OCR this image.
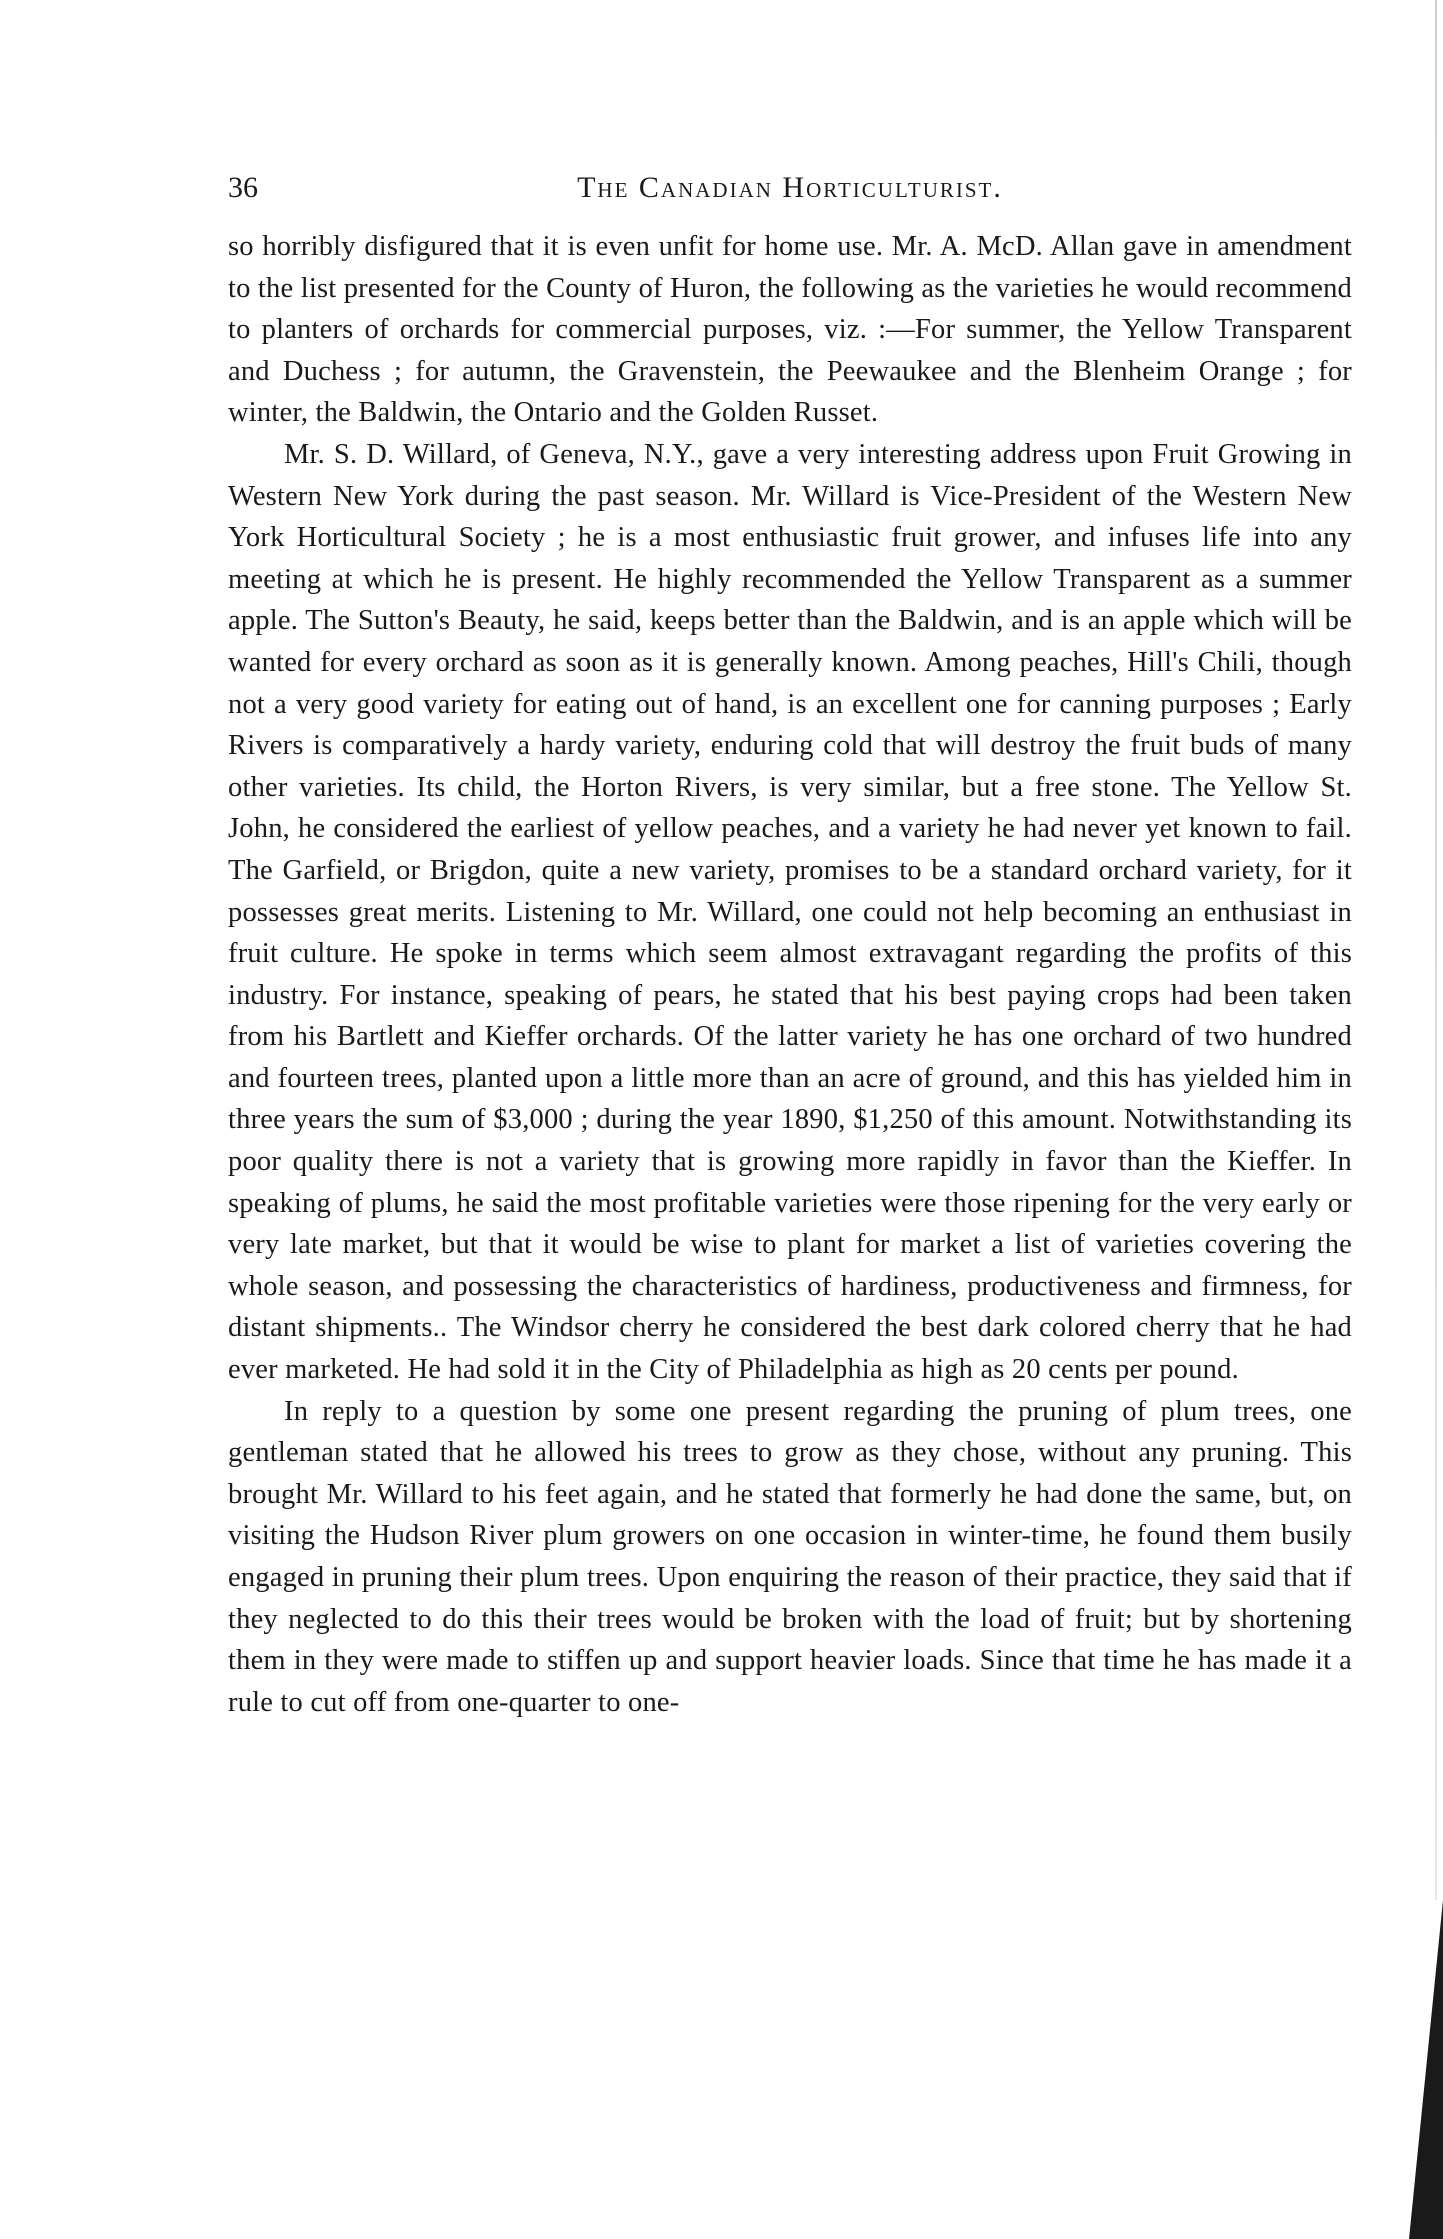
36	The Canadian Horticulturist.

so horribly disfigured that it is even unfit for home use. Mr. A. McD. Allan gave in amendment to the list presented for the County of Huron, the following as the varieties he would recommend to planters of orchards for commercial purposes, viz. :—For summer, the Yellow Transparent and Duchess ; for autumn, the Gravenstein, the Peewaukee and the Blenheim Orange ; for winter, the Baldwin, the Ontario and the Golden Russet.

Mr. S. D. Willard, of Geneva, N.Y., gave a very interesting address upon Fruit Growing in Western New York during the past season. Mr. Willard is Vice-President of the Western New York Horticultural Society ; he is a most enthusiastic fruit grower, and infuses life into any meeting at which he is present. He highly recommended the Yellow Transparent as a summer apple. The Sutton's Beauty, he said, keeps better than the Baldwin, and is an apple which will be wanted for every orchard as soon as it is generally known. Among peaches, Hill's Chili, though not a very good variety for eating out of hand, is an excellent one for canning purposes ; Early Rivers is comparatively a hardy variety, enduring cold that will destroy the fruit buds of many other varieties. Its child, the Horton Rivers, is very similar, but a free stone. The Yellow St. John, he considered the earliest of yellow peaches, and a variety he had never yet known to fail. The Garfield, or Brigdon, quite a new variety, promises to be a standard orchard variety, for it possesses great merits. Listening to Mr. Willard, one could not help becoming an enthusiast in fruit culture. He spoke in terms which seem almost extravagant regarding the profits of this industry. For instance, speaking of pears, he stated that his best paying crops had been taken from his Bartlett and Kieffer orchards. Of the latter variety he has one orchard of two hundred and fourteen trees, planted upon a little more than an acre of ground, and this has yielded him in three years the sum of $3,000 ; during the year 1890, $1,250 of this amount. Notwithstanding its poor quality there is not a variety that is growing more rapidly in favor than the Kieffer. In speaking of plums, he said the most profitable varieties were those ripening for the very early or very late market, but that it would be wise to plant for market a list of varieties covering the whole season, and possessing the characteristics of hardiness, productiveness and firmness, for distant shipments.. The Windsor cherry he considered the best dark colored cherry that he had ever marketed. He had sold it in the City of Philadelphia as high as 20 cents per pound.

In reply to a question by some one present regarding the pruning of plum trees, one gentleman stated that he allowed his trees to grow as they chose, without any pruning. This brought Mr. Willard to his feet again, and he stated that formerly he had done the same, but, on visiting the Hudson River plum growers on one occasion in winter-time, he found them busily engaged in pruning their plum trees. Upon enquiring the reason of their practice, they said that if they neglected to do this their trees would be broken with the load of fruit; but by shortening them in they were made to stiffen up and support heavier loads. Since that time he has made it a rule to cut off from one-quarter to one-
